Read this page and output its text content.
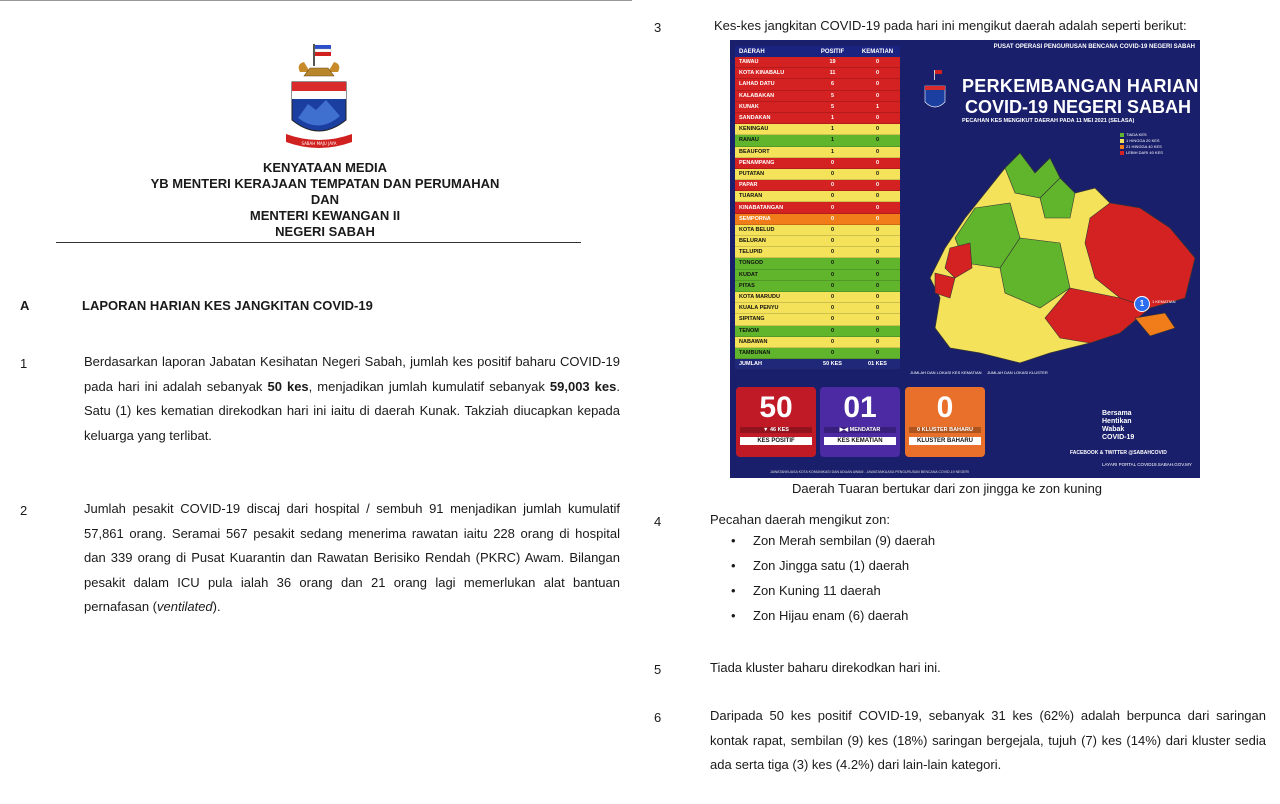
SABAH MAJU JAYA
KENYATAAN MEDIA
YB MENTERI KERAJAAN TEMPATAN DAN PERUMAHAN
DAN
MENTERI KEWANGAN II
NEGERI SABAH
A	LAPORAN HARIAN KES JANGKITAN COVID-19
1	Berdasarkan laporan Jabatan Kesihatan Negeri Sabah, jumlah kes positif baharu COVID-19 pada hari ini adalah sebanyak 50 kes, menjadikan jumlah kumulatif sebanyak 59,003 kes. Satu (1) kes kematian direkodkan hari ini iaitu di daerah Kunak. Takziah diucapkan kepada keluarga yang terlibat.
2	Jumlah pesakit COVID-19 discaj dari hospital / sembuh 91 menjadikan jumlah kumulatif 57,861 orang. Seramai 567 pesakit sedang menerima rawatan iaitu 228 orang di hospital dan 339 orang di Pusat Kuarantin dan Rawatan Berisiko Rendah (PKRC) Awam. Bilangan pesakit dalam ICU pula ialah 36 orang dan 21 orang lagi memerlukan alat bantuan pernafasan (ventilated).
3	Kes-kes jangkitan COVID-19 pada hari ini mengikut daerah adalah seperti berikut:
DAERAH	POSITIF	KEMATIAN
TAWAU	19	0
KOTA KINABALU	11	0
LAHAD DATU	6	0
KALABAKAN	5	0
KUNAK	5	1
SANDAKAN	1	0
KENINGAU	1	0
RANAU	1	0
BEAUFORT	1	0
PENAMPANG	0	0
PUTATAN	0	0
PAPAR	0	0
TUARAN	0	0
KINABATANGAN	0	0
SEMPORNA	0	0
KOTA BELUD	0	0
BELURAN	0	0
TELUPID	0	0
TONGOD	0	0
KUDAT	0	0
PITAS	0	0
KOTA MARUDU	0	0
KUALA PENYU	0	0
SIPITANG	0	0
TENOM	0	0
NABAWAN	0	0
TAMBUNAN	0	0
JUMLAH	50 KES	01 KES
PUSAT OPERASI PENGURUSAN BENCANA COVID-19 NEGERI SABAH
PERKEMBANGAN HARIAN
COVID-19 NEGERI SABAH
PECAHAN KES MENGIKUT DAERAH PADA 11 MEI 2021 (SELASA)
TIADA KES
1 HINGGA 20 KES
21 HINGGA 40 KES
LEBIH DARI 40 KES
1	1 KEMATIAN
JUMLAH DAN LOKASI KES KEMATIAN JUMLAH DAN LOKASI KLUSTER
50
▼ 46 KES
KES POSITIF
01
▶◀ MENDATAR
KES KEMATIAN
0
0 KLUSTER BAHARU
KLUSTER BAHARU
Bersama
Hentikan
Wabak
COVID-19
FACEBOOK & TWITTER @SABAHCOVID
LAYARI PORTAL COVID19.SABAH.GOV.MY
JAWATANKUASA KOTA KOMUNIKASI DAN ADUAN AWAM - JAWATANKUASA PENGURUSAN BENCANA COVID-19 NEGERI
Daerah Tuaran bertukar dari zon jingga ke zon kuning
4	Pecahan daerah mengikut zon:
• Zon Merah sembilan (9) daerah
• Zon Jingga satu (1) daerah
• Zon Kuning 11 daerah
• Zon Hijau enam (6) daerah
5	Tiada kluster baharu direkodkan hari ini.
6	Daripada 50 kes positif COVID-19, sebanyak 31 kes (62%) adalah berpunca dari saringan kontak rapat, sembilan (9) kes (18%) saringan bergejala, tujuh (7) kes (14%) dari kluster sedia ada serta tiga (3) kes (4.2%) dari lain-lain kategori.
